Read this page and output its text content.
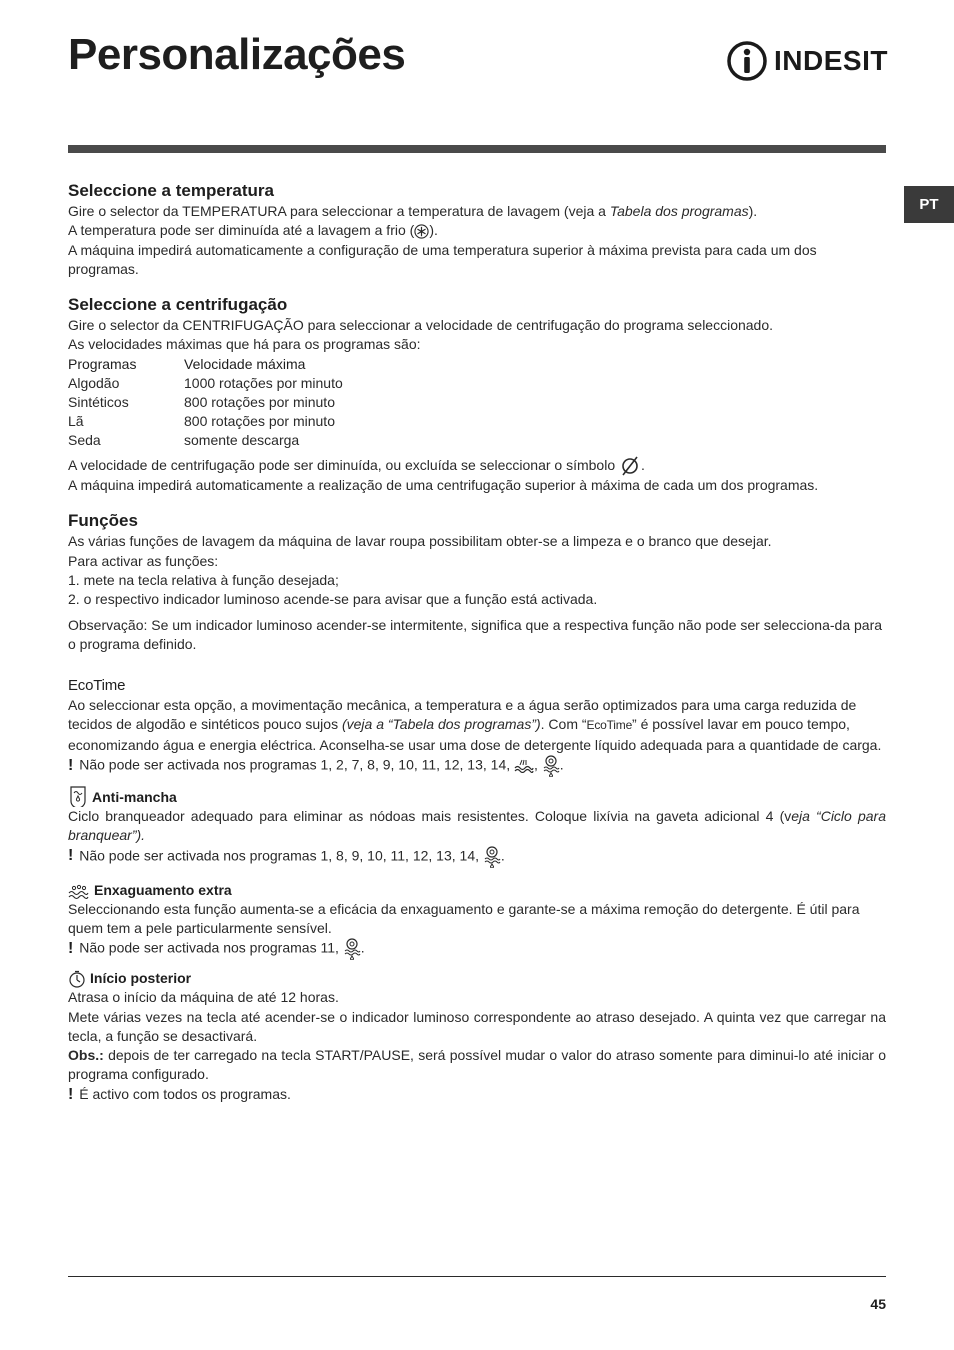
Personalizações	INDESIT
PT
Seleccione a temperatura

Gire o selector da TEMPERATURA para seleccionar a temperatura de lavagem (veja a Tabela dos programas).

A temperatura pode ser diminuída até a lavagem a frio ( ).

A máquina impedirá automaticamente a configuração de uma temperatura superior à máxima prevista para cada um dos programas.

Seleccione a centrifugação

Gire o selector da CENTRIFUGAÇÃO para seleccionar a velocidade de centrifugação do programa seleccionado.

As velocidades máximas que há para os programas são:

Programas	Velocidade máxima
Algodão	1000 rotações por minuto
Sintéticos	800 rotações por minuto
Lã	800 rotações por minuto
Seda	somente descarga

A velocidade de centrifugação pode ser diminuída, ou excluída se seleccionar o símbolo .

A máquina impedirá automaticamente a realização de uma centrifugação superior à máxima de cada um dos programas.

Funções

As várias funções de lavagem da máquina de lavar roupa possibilitam obter-se a limpeza e o branco que desejar.

Para activar as funções:

1. mete na tecla relativa à função desejada;

2. o respectivo indicador luminoso acende-se para avisar que a função está activada.

Observação: Se um indicador luminoso acender-se intermitente, significa que a respectiva função não pode ser selecciona-da para o programa definido.

EcoTime

Ao seleccionar esta opção, a movimentação mecânica, a temperatura e a água serão optimizados para uma carga reduzida de tecidos de algodão e sintéticos pouco sujos (veja a “Tabela dos programas”). Com “EcoTime” é possível lavar em pouco tempo, economizando água e energia eléctrica. Aconselha-se usar uma dose de detergente líquido adequada para a quantidade de carga.

! Não pode ser activada nos programas 1, 2, 7, 8, 9, 10, 11, 12, 13, 14, , .

Anti-mancha

Ciclo branqueador adequado para eliminar as nódoas mais resistentes. Coloque lixívia na gaveta adicional 4 (veja “Ciclo para branquear”).

! Não pode ser activada nos programas 1, 8, 9, 10, 11, 12, 13, 14, .

Enxaguamento extra

Seleccionando esta função aumenta-se a eficácia da enxaguamento e garante-se a máxima remoção do detergente. É útil para quem tem a pele particularmente sensível.

! Não pode ser activada nos programas 11, .

Início posterior

Atrasa o início da máquina de até 12 horas.

Mete várias vezes na tecla até acender-se o indicador luminoso correspondente ao atraso desejado. A quinta vez que carregar na tecla, a função se desactivará.

Obs.: depois de ter carregado na tecla START/PAUSE, será possível mudar o valor do atraso somente para diminui-lo até iniciar o programa configurado.

! É activo com todos os programas.

45
